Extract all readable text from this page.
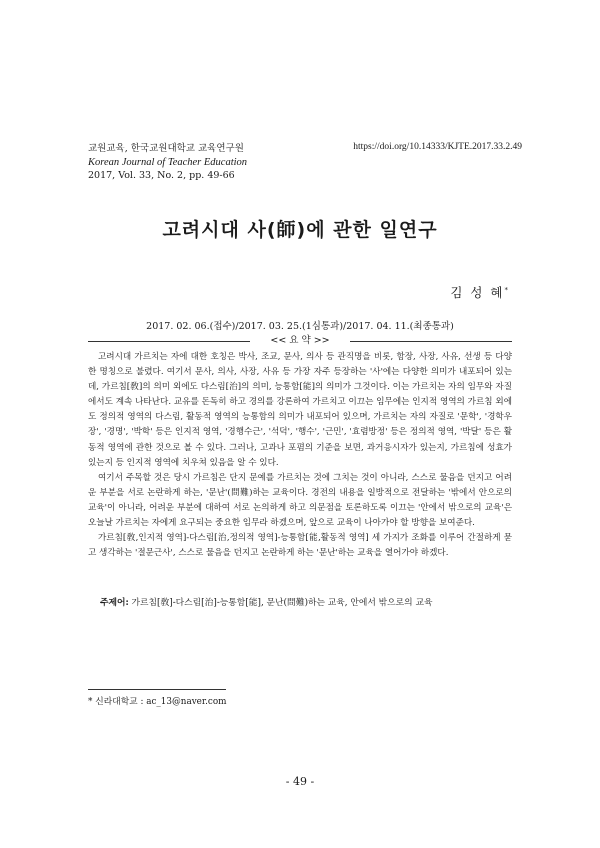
교원교육, 한국교원대학교 교육연구원
Korean Journal of Teacher Education
2017, Vol. 33, No. 2, pp. 49-66
https://doi.org/10.14333/KJTE.2017.33.2.49
고려시대 사(師)에 관한 일연구
김 성 혜*
2017. 02. 06.(접수)/2017. 03. 25.(1심통과)/2017. 04. 11.(최종통과)
<< 요 약 >>

고려시대 가르치는 자에 대한 호칭은 박사, 조교, 문사, 의사 등 관직명을 비롯, 함장, 사장, 사유, 선생 등 다양한 명칭으로 불렸다. 여기서 문사, 의사, 사장, 사유 등 가장 자주 등장하는 '사'에는 다양한 의미가 내포되어 있는데, 가르침[敎]의 의미 외에도 다스림[治]의 의미, 능통함[能]의 의미가 그것이다. 이는 가르치는 자의 임무와 자질에서도 계속 나타난다. 교유를 돈독히 하고 경의를 강론하여 가르치고 이끄는 임무에는 인지적 영역의 가르침 외에도 정의적 영역의 다스림, 활동적 영역의 능통함의 의미가 내포되어 있으며, 가르치는 자의 자질로 '문학', '경학우장', '경명', '박학' 등은 인지적 영역, '경행수근', '석덕', '행수', '근민', '효렴방정' 등은 정의적 영역, '박달' 등은 활동적 영역에 관한 것으로 볼 수 있다. 그러나, 고과나 포폄의 기준을 보면, 과거응시자가 있는지, 가르침에 성효가 있는지 등 인지적 영역에 치우쳐 있음을 알 수 있다.

여기서 주목할 것은 당시 가르침은 단지 문예를 가르치는 것에 그치는 것이 아니라, 스스로 물음을 던지고 어려운 부분을 서로 논란하게 하는, '문난'(問難)하는 교육이다. 경전의 내용을 일방적으로 전달하는 '밖에서 안으로의 교육'이 아니라, 어려운 부분에 대하여 서로 논의하게 하고 의문점을 토론하도록 이끄는 '안에서 밖으로의 교육'은 오늘날 가르치는 자에게 요구되는 중요한 임무라 하겠으며, 앞으로 교육이 나아가야 할 방향을 보여준다.

가르침[敎,인지적 영역]-다스림[治,정의적 영역]-능통함[能,활동적 영역] 세 가지가 조화를 이루어 간절하게 묻고 생각하는 '절문근사', 스스로 물음을 던지고 논란하게 하는 '문난'하는 교육을 열어가야 하겠다.

주제어: 가르침[敎]-다스림[治]-능통함[能], 문난(問難)하는 교육, 안에서 밖으로의 교육
* 신라대학교 : ac_13@naver.com
- 49 -
